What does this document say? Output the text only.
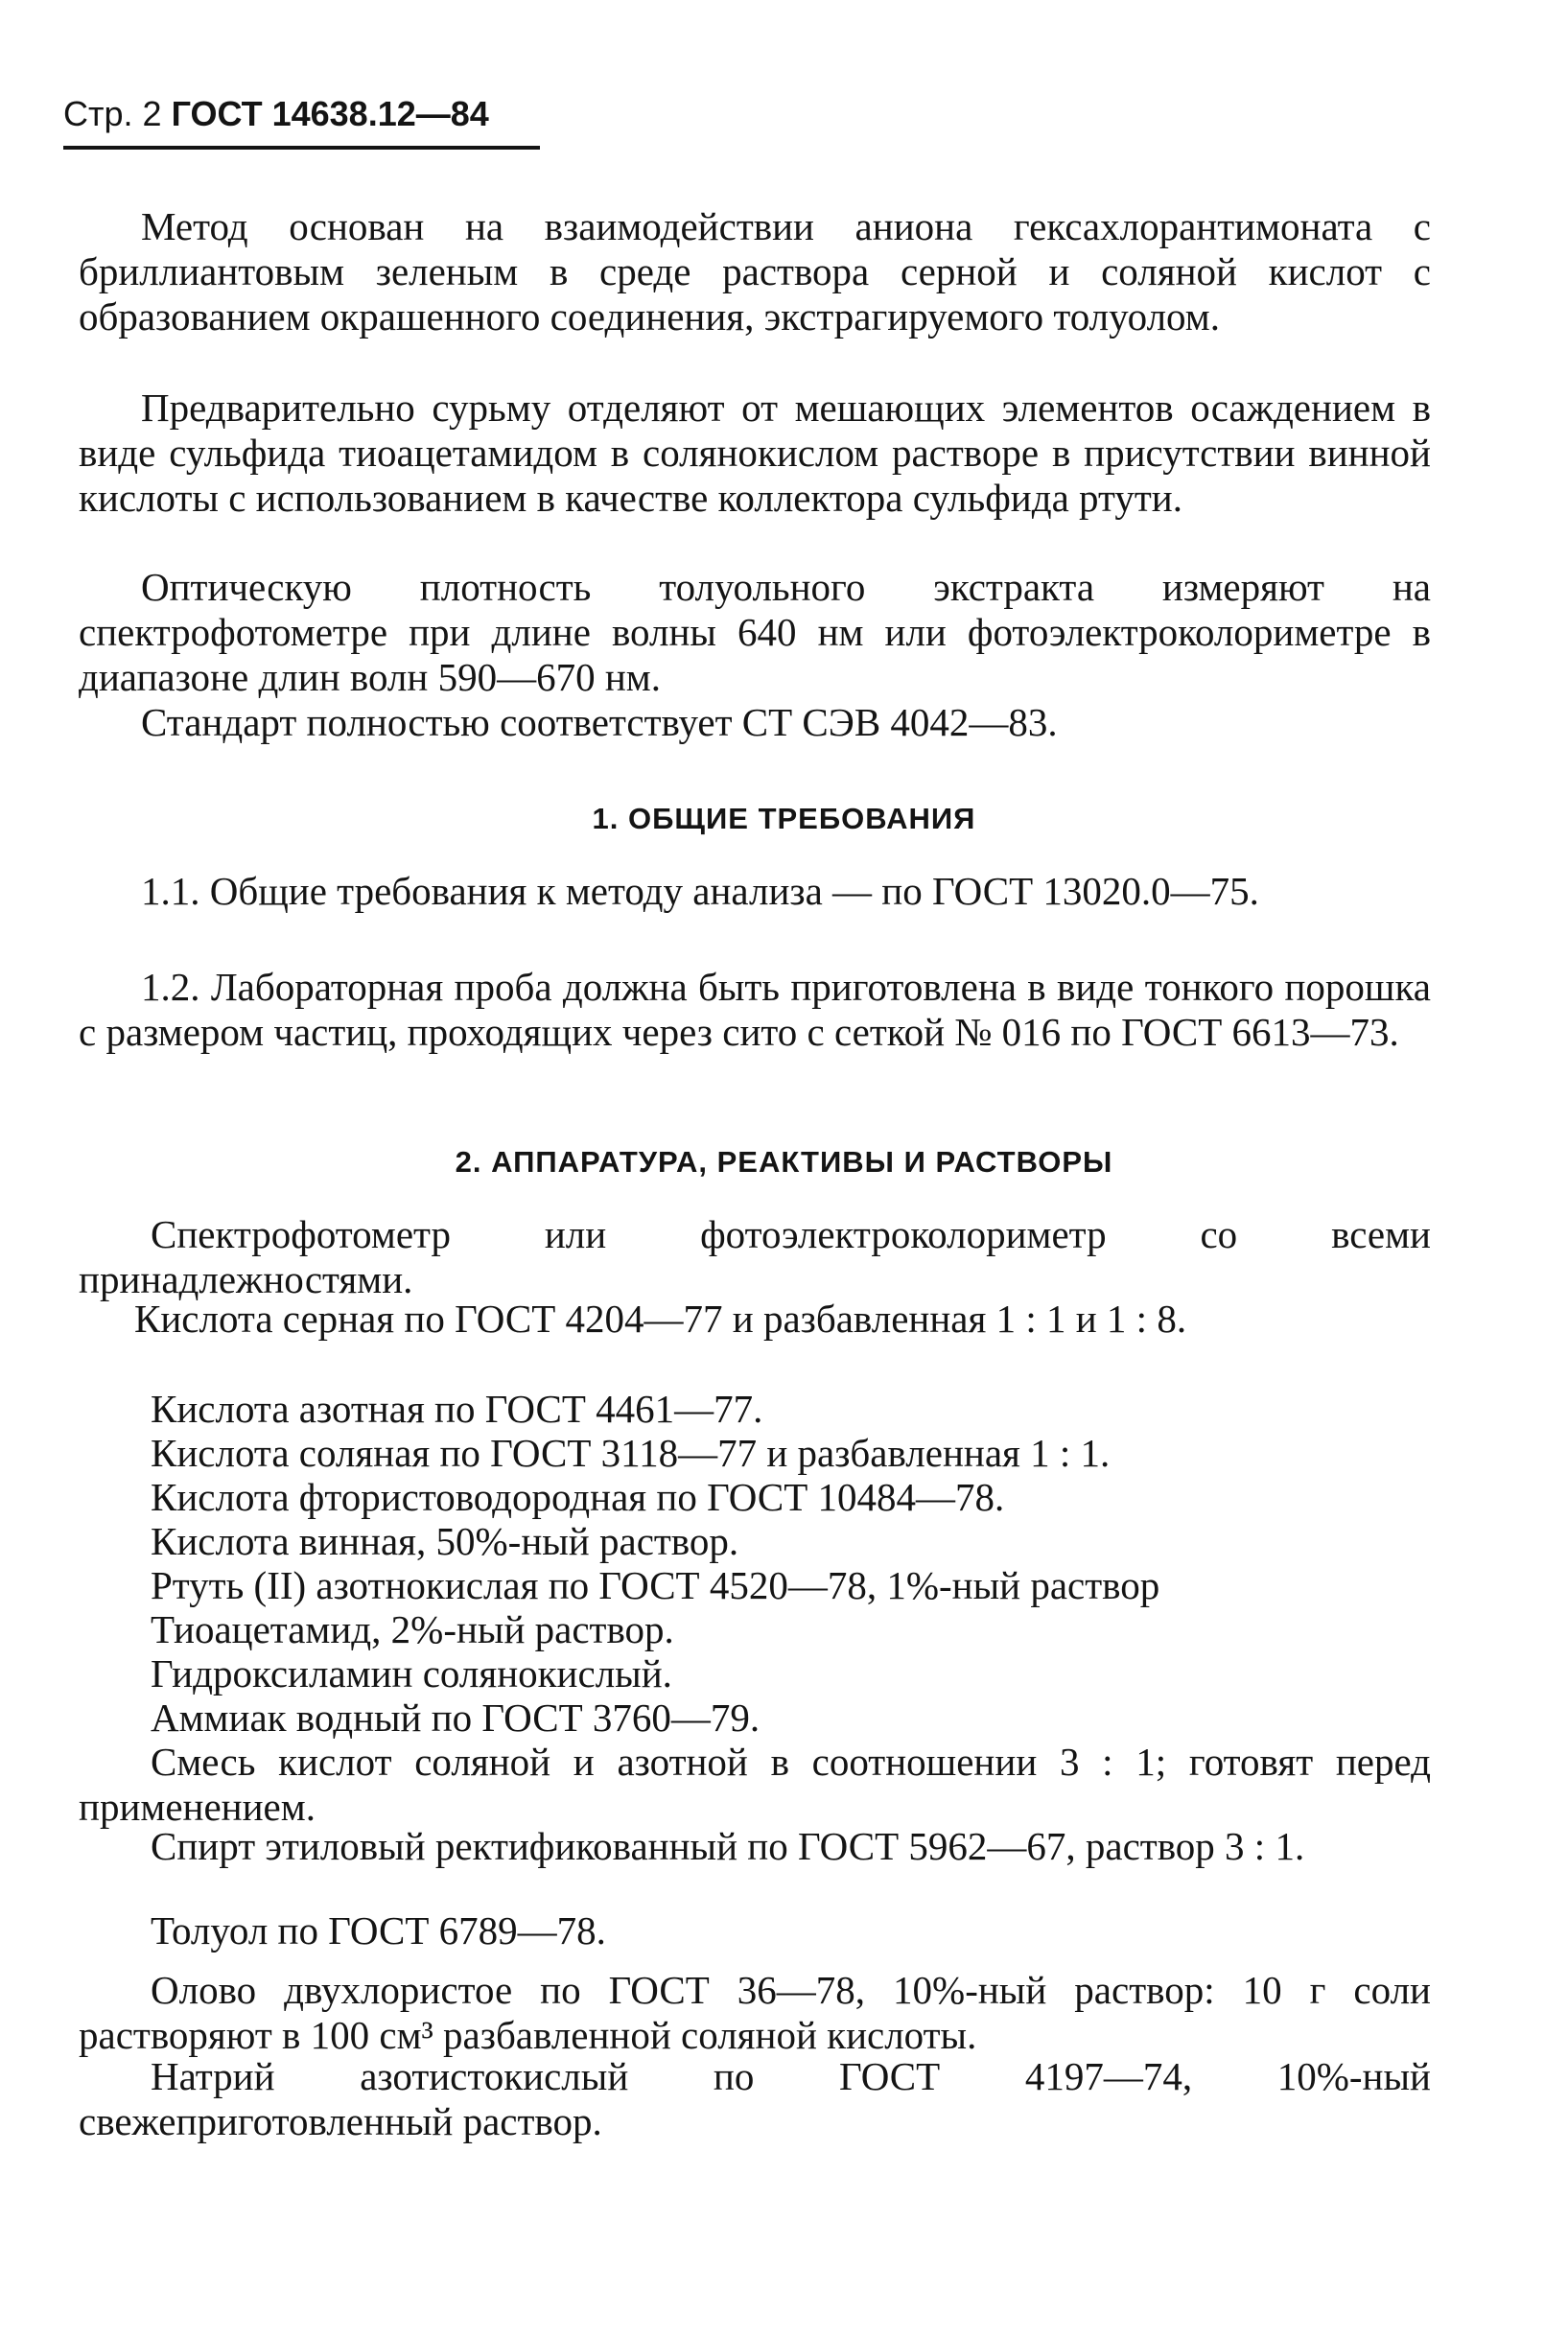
Стр. 2 ГОСТ 14638.12—84

Метод основан на взаимодействии аниона гексахлорантимоната с бриллиантовым зеленым в среде раствора серной и соляной кислот с образованием окрашенного соединения, экстрагируемого толуолом.

Предварительно сурьму отделяют от мешающих элементов осаждением в виде сульфида тиоацетамидом в солянокислом растворе в присутствии винной кислоты с использованием в качестве коллектора сульфида ртути.

Оптическую плотность толуольного экстракта измеряют на спектрофотометре при длине волны 640 нм или фотоэлектроколориметре в диапазоне длин волн 590—670 нм.

Стандарт полностью соответствует СТ СЭВ 4042—83.

1. ОБЩИЕ ТРЕБОВАНИЯ

1.1. Общие требования к методу анализа — по ГОСТ 13020.0—75.

1.2. Лабораторная проба должна быть приготовлена в виде тонкого порошка с размером частиц, проходящих через сито с сеткой № 016 по ГОСТ 6613—73.

2. АППАРАТУРА, РЕАКТИВЫ И РАСТВОРЫ

Спектрофотометр или фотоэлектроколориметр со всеми принадлежностями.

Кислота серная по ГОСТ 4204—77 и разбавленная 1 : 1 и 1 : 8.

Кислота азотная по ГОСТ 4461—77.

Кислота соляная по ГОСТ 3118—77 и разбавленная 1 : 1.

Кислота фтористоводородная по ГОСТ 10484—78.

Кислота винная, 50%-ный раствор.

Ртуть (II) азотнокислая по ГОСТ 4520—78, 1%-ный раствор

Тиоацетамид, 2%-ный раствор.

Гидроксиламин солянокислый.

Аммиак водный по ГОСТ 3760—79.

Смесь кислот соляной и азотной в соотношении 3 : 1; готовят перед применением.

Спирт этиловый ректификованный по ГОСТ 5962—67, раствор 3 : 1.

Толуол по ГОСТ 6789—78.

Олово двухлористое по ГОСТ 36—78, 10%-ный раствор: 10 г соли растворяют в 100 см³ разбавленной соляной кислоты.

Натрий азотистокислый по ГОСТ 4197—74, 10%-ный свежеприготовленный раствор.
